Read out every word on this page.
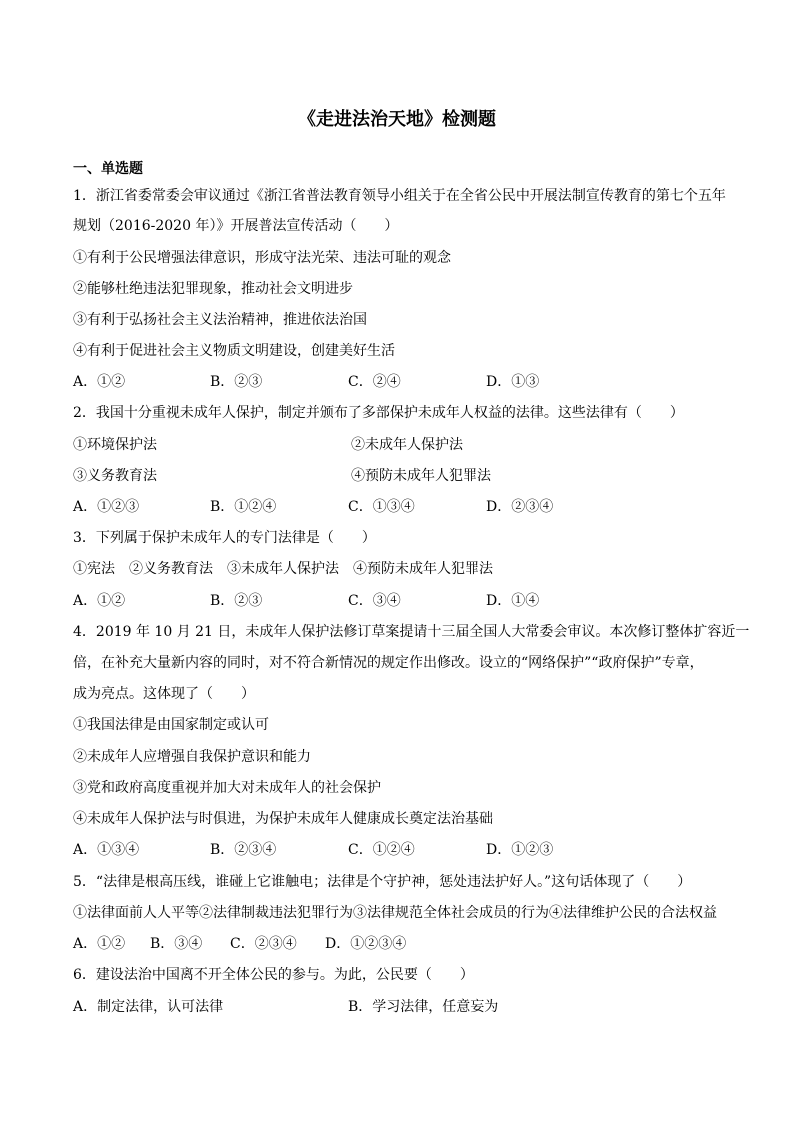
《走进法治天地》检测题
一、单选题
1．浙江省委常委会审议通过《浙江省普法教育领导小组关于在全省公民中开展法制宣传教育的第七个五年
规划（2016-2020 年）》开展普法宣传活动（　　）
①有利于公民增强法律意识，形成守法光荣、违法可耻的观念
②能够杜绝违法犯罪现象，推动社会文明进步
③有利于弘扬社会主义法治精神，推进依法治国
④有利于促进社会主义物质文明建设，创建美好生活
A．①②	B．②③	C．②④	D．①③
2．我国十分重视未成年人保护，制定并颁布了多部保护未成年人权益的法律。这些法律有（　　）
①环境保护法	②未成年人保护法
③义务教育法	④预防未成年人犯罪法
A．①②③	B．①②④	C．①③④	D．②③④
3．下列属于保护未成年人的专门法律是（　　）
①宪法　②义务教育法　③未成年人保护法　④预防未成年人犯罪法
A．①②	B．②③	C．③④	D．①④
4．2019 年 10 月 21 日，未成年人保护法修订草案提请十三届全国人大常委会审议。本次修订整体扩容近一
倍，在补充大量新内容的同时，对不符合新情况的规定作出修改。设立的“网络保护”“政府保护”专章，
成为亮点。这体现了（　　）
①我国法律是由国家制定或认可
②未成年人应增强自我保护意识和能力
③党和政府高度重视并加大对未成年人的社会保护
④未成年人保护法与时俱进，为保护未成年人健康成长奠定法治基础
A．①③④	B．②③④	C．①②④	D．①②③
5．“法律是根高压线，谁碰上它谁触电；法律是个守护神，惩处违法护好人。”这句话体现了（　　）
①法律面前人人平等②法律制裁违法犯罪行为③法律规范全体社会成员的行为④法律维护公民的合法权益
A．①② B．③④ C．②③④ D．①②③④
6．建设法治中国离不开全体公民的参与。为此，公民要（　　）
A．制定法律，认可法律	B．学习法律，任意妄为
